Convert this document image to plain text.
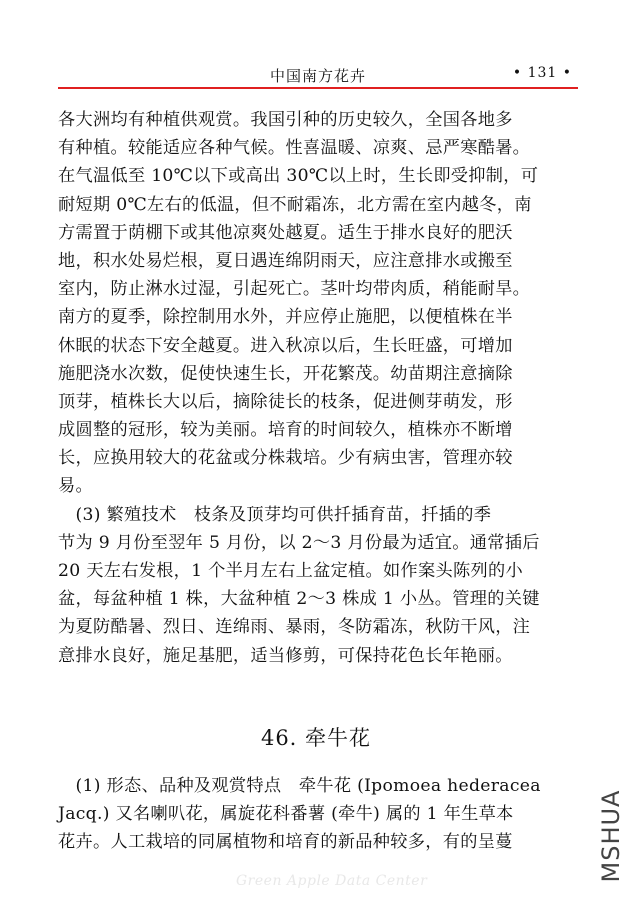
中国南方花卉	• 131 •
各大洲均有种植供观赏。我国引种的历史较久，全国各地多
有种植。较能适应各种气候。性喜温暖、凉爽、忌严寒酷暑。
在气温低至 10℃以下或高出 30℃以上时，生长即受抑制，可
耐短期 0℃左右的低温，但不耐霜冻，北方需在室内越冬，南
方需置于荫棚下或其他凉爽处越夏。适生于排水良好的肥沃
地，积水处易烂根，夏日遇连绵阴雨天，应注意排水或搬至
室内，防止淋水过湿，引起死亡。茎叶均带肉质，稍能耐旱。
南方的夏季，除控制用水外，并应停止施肥，以便植株在半
休眠的状态下安全越夏。进入秋凉以后，生长旺盛，可增加
施肥浇水次数，促使快速生长，开花繁茂。幼苗期注意摘除
顶芽，植株长大以后，摘除徒长的枝条，促进侧芽萌发，形
成圆整的冠形，较为美丽。培育的时间较久，植株亦不断增
长，应换用较大的花盆或分株栽培。少有病虫害，管理亦较
易。
　(3) 繁殖技术　枝条及顶芽均可供扦插育苗，扦插的季
节为 9 月份至翌年 5 月份，以 2～3 月份最为适宜。通常插后
20 天左右发根，1 个半月左右上盆定植。如作案头陈列的小
盆，每盆种植 1 株，大盆种植 2～3 株成 1 小丛。管理的关键
为夏防酷暑、烈日、连绵雨、暴雨，冬防霜冻，秋防干风，注
意排水良好，施足基肥，适当修剪，可保持花色长年艳丽。
46. 牵牛花
　(1) 形态、品种及观赏特点　牵牛花 (Ipomoea hederacea
Jacq.) 又名喇叭花，属旋花科番薯 (牵牛) 属的 1 年生草本
花卉。人工栽培的同属植物和培育的新品种较多，有的呈蔓
Green Apple Data Center	MSHUA
